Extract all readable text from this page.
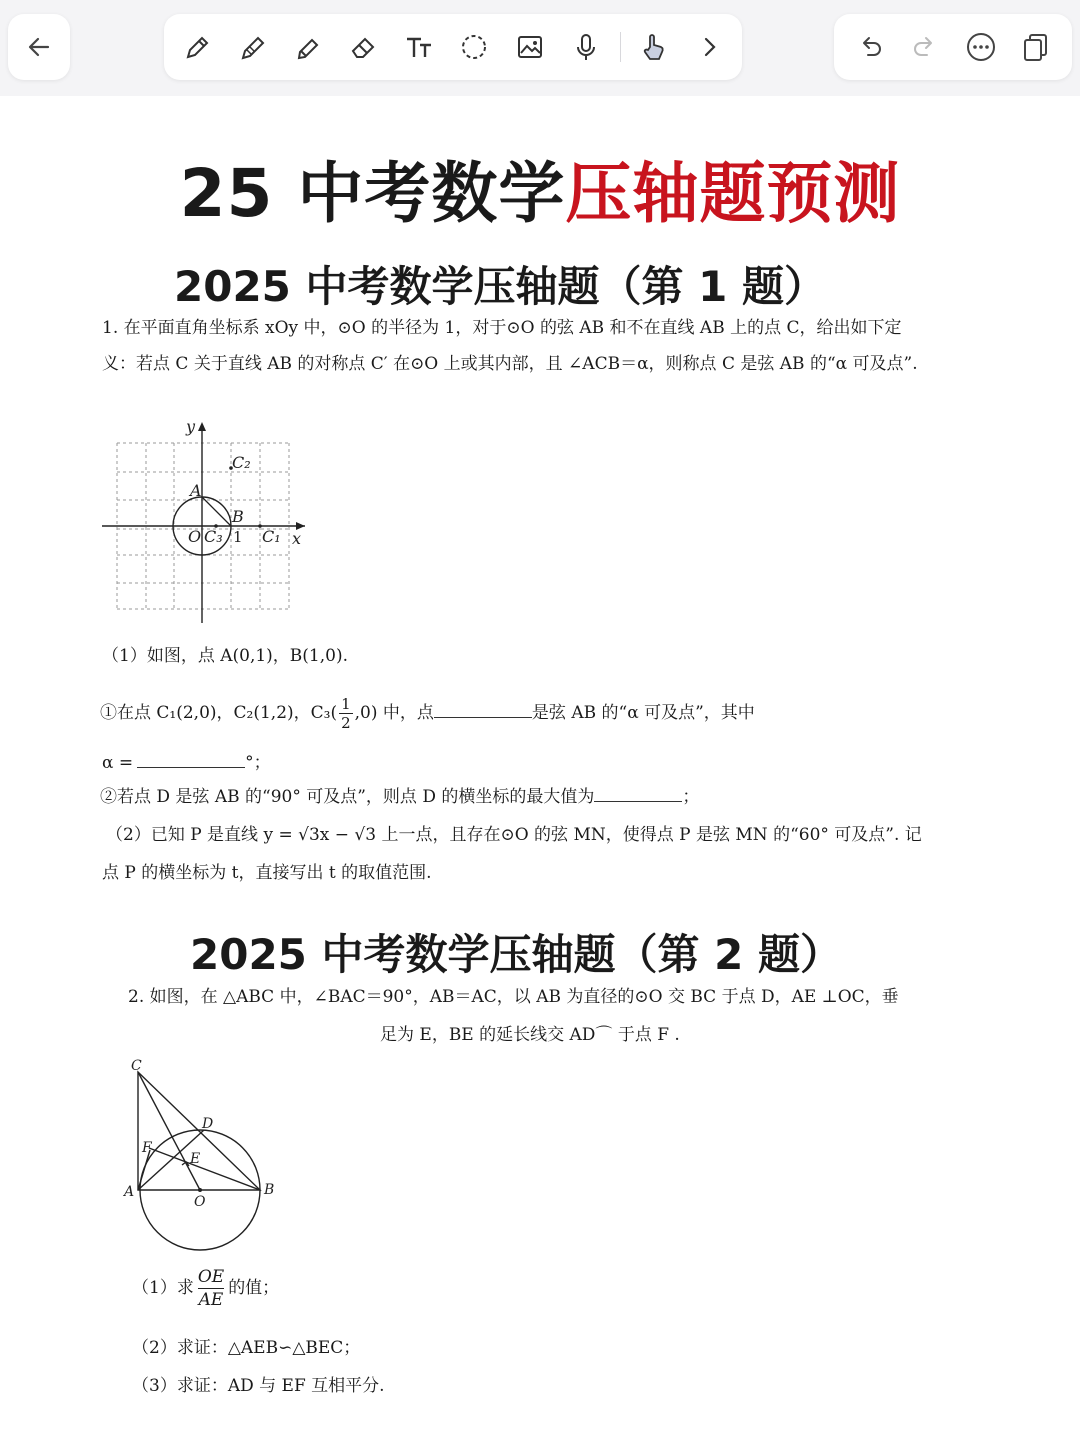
25 中考数学压轴题预测
2025 中考数学压轴题（第 1 题）
1. 在平面直角坐标系 xOy 中，⊙O 的半径为 1，对于⊙O 的弦 AB 和不在直线 AB 上的点 C，给出如下定义：若点 C 关于直线 AB 的对称点 C′ 在⊙O 上或其内部，且 ∠ACB＝α，则称点 C 是弦 AB 的“α 可及点”.
y
x
O
A
B
C₁
C₂
C₃ 1
（1）如图，点 A(0,1)，B(1,0).
①在点 C₁(2,0)，C₂(1,2)，$C_3( \frac{1}{2} ,0)$ 中，点	是弦 AB 的“α 可及点”，其中
α =	°；
②若点 D 是弦 AB 的“90° 可及点”，则点 D 的横坐标的最大值为	；
（2）已知 P 是直线 y = √3x − √3 上一点，且存在⊙O 的弦 MN，使得点 P 是弦 MN 的“60° 可及点”. 记
点 P 的横坐标为 t，直接写出 t 的取值范围.
2025 中考数学压轴题（第 2 题）
2. 如图，在 △ABC 中，∠BAC＝90°，AB＝AC，以 AB 为直径的⊙O 交 BC 于点 D，AE ⊥OC，垂
足为 E，BE 的延长线交 AD⌒ 于点 F .
C
D
F
E
A
O
B
（1）求 $\frac{OE}{AE}$ 的值；
（2）求证：△AEB∽△BEC；
（3）求证：AD 与 EF 互相平分.
